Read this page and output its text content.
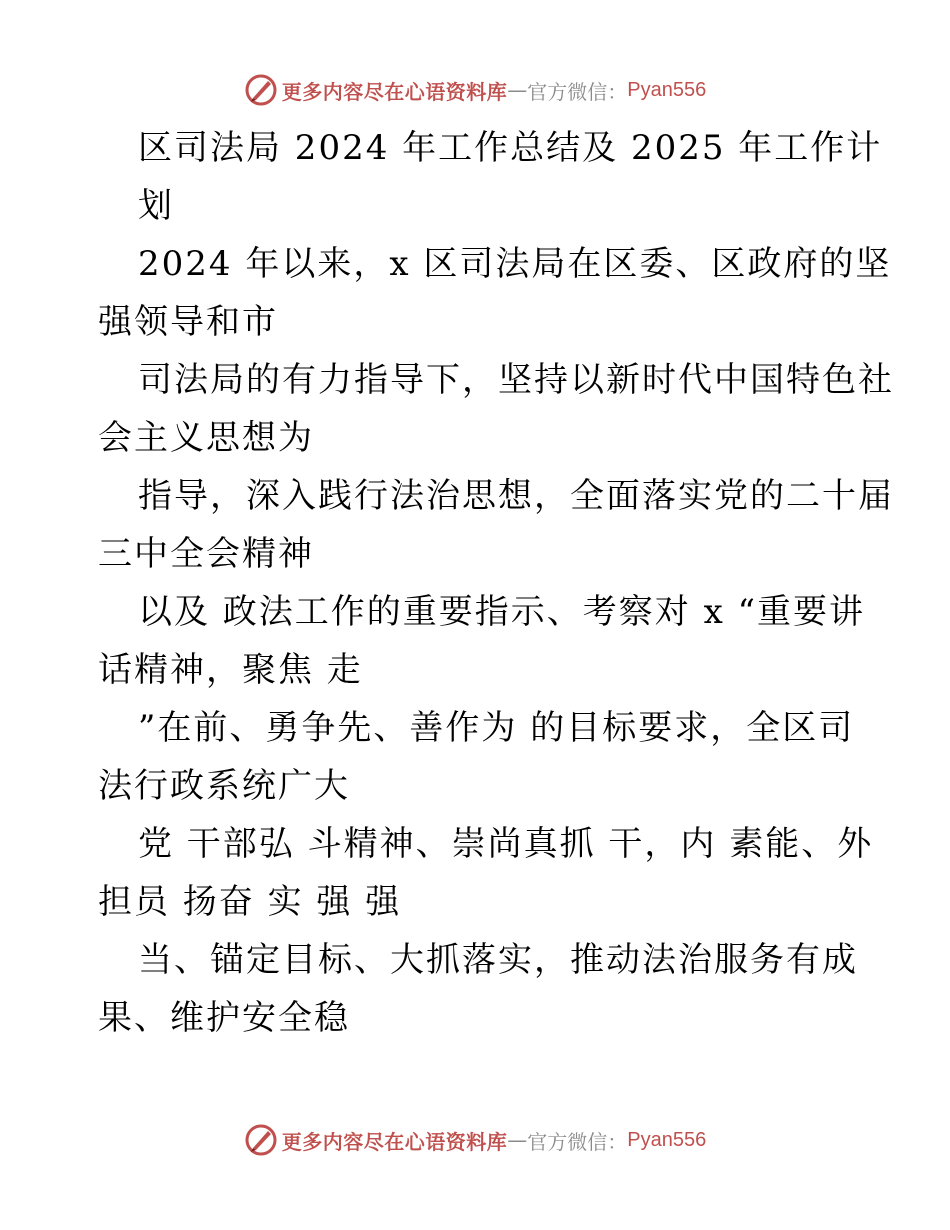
更多内容尽在心语资料库 — 官方微信： Pyan556

区司法局 2024 年工作总结及 2025 年工作计

划

2024 年以来，x 区司法局在区委、区政府的坚

强领导和市

司法局的有力指导下，坚持以新时代中国特色社

会主义思想为

指导，深入践行法治思想，全面落实党的二十届

三中全会精神

以及 政法工作的重要指示、考察对 x “重要讲

话精神，聚焦 走

”在前、勇争先、善作为 的目标要求，全区司

法行政系统广大

党 干部弘 斗精神、崇尚真抓 干，内 素能、外

担员 扬奋 实 强 强

当、锚定目标、大抓落实，推动法治服务有成

果、维护安全稳

更多内容尽在心语资料库 — 官方微信： Pyan556
